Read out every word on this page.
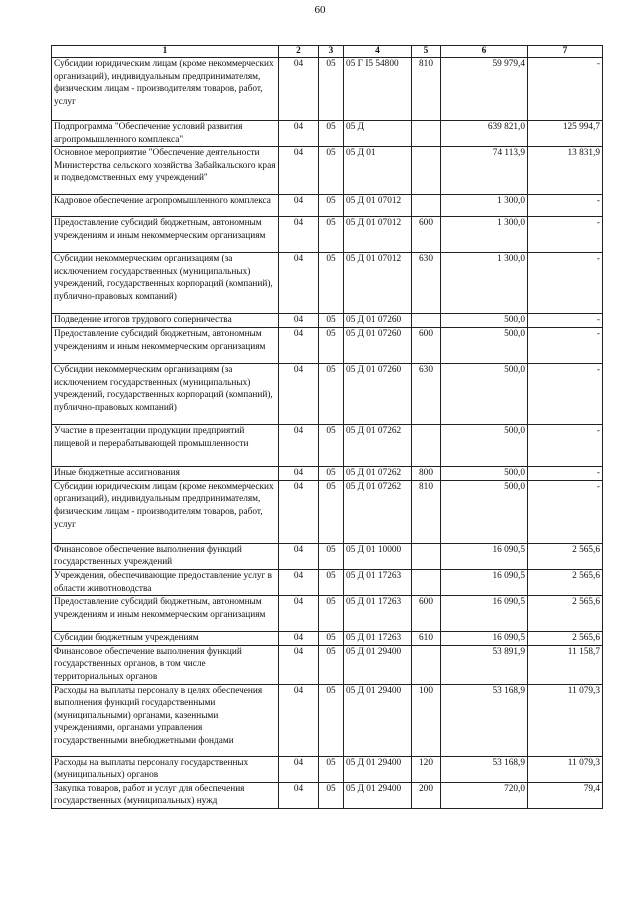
60
1	2	3	4	5	6	7
Субсидии юридическим лицам (кроме некоммерческих организаций), индивидуальным предпринимателям, физическим лицам - производителям товаров, работ, услуг	04	05	05 Г I5 54800	810	59 979,4	-
Подпрограмма "Обеспечение условий развития агропромышленного комплекса"	04	05	05 Д		639 821,0	125 994,7
Основное мероприятие "Обеспечение деятельности Министерства сельского хозяйства Забайкальского края и подведомственных ему учреждений"	04	05	05 Д 01		74 113,9	13 831,9
Кадровое обеспечение агропромышленного комплекса	04	05	05 Д 01 07012		1 300,0	-
Предоставление субсидий бюджетным, автономным учреждениям и иным некоммерческим организациям	04	05	05 Д 01 07012	600	1 300,0	-
Субсидии некоммерческим организациям (за исключением государственных (муниципальных) учреждений, государственных корпораций (компаний), публично-правовых компаний)	04	05	05 Д 01 07012	630	1 300,0	-
Подведение итогов трудового соперничества	04	05	05 Д 01 07260		500,0	-
Предоставление субсидий бюджетным, автономным учреждениям и иным некоммерческим организациям	04	05	05 Д 01 07260	600	500,0	-
Субсидии некоммерческим организациям (за исключением государственных (муниципальных) учреждений, государственных корпораций (компаний), публично-правовых компаний)	04	05	05 Д 01 07260	630	500,0	-
Участие в презентации продукции предприятий пищевой и перерабатывающей промышленности	04	05	05 Д 01 07262		500,0	-
Иные бюджетные ассигнования	04	05	05 Д 01 07262	800	500,0	-
Субсидии юридическим лицам (кроме некоммерческих организаций), индивидуальным предпринимателям, физическим лицам - производителям товаров, работ, услуг	04	05	05 Д 01 07262	810	500,0	-
Финансовое обеспечение выполнения функций государственных учреждений	04	05	05 Д 01 10000		16 090,5	2 565,6
Учреждения, обеспечивающие предоставление услуг в области животноводства	04	05	05 Д 01 17263		16 090,5	2 565,6
Предоставление субсидий бюджетным, автономным учреждениям и иным некоммерческим организациям	04	05	05 Д 01 17263	600	16 090,5	2 565,6
Субсидии бюджетным учреждениям	04	05	05 Д 01 17263	610	16 090,5	2 565,6
Финансовое обеспечение выполнения функций государственных органов, в том числе территориальных органов	04	05	05 Д 01 29400		53 891,9	11 158,7
Расходы на выплаты персоналу в целях обеспечения выполнения функций государственными (муниципальными) органами, казенными учреждениями, органами управления государственными внебюджетными фондами	04	05	05 Д 01 29400	100	53 168,9	11 079,3
Расходы на выплаты персоналу государственных (муниципальных) органов	04	05	05 Д 01 29400	120	53 168,9	11 079,3
Закупка товаров, работ и услуг для обеспечения государственных (муниципальных) нужд	04	05	05 Д 01 29400	200	720,0	79,4
